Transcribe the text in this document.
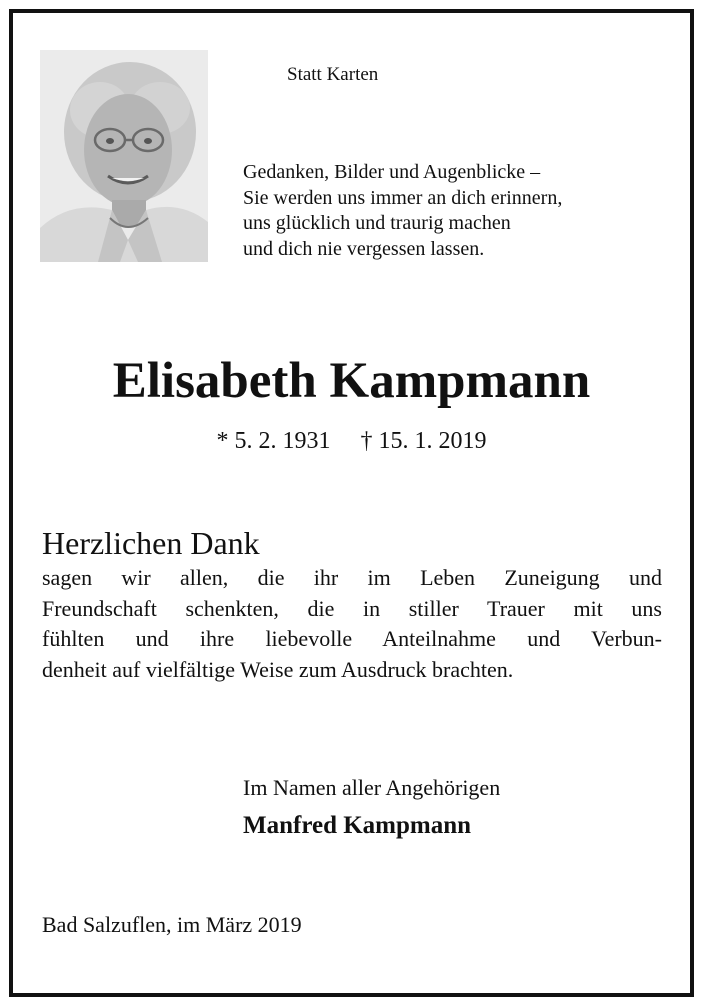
Statt Karten
Gedanken, Bilder und Augenblicke –
Sie werden uns immer an dich erinnern,
uns glücklich und traurig machen
und dich nie vergessen lassen.
Elisabeth Kampmann
* 5. 2. 1931 † 15. 1. 2019
Herzlichen Dank
sagen wir allen, die ihr im Leben Zuneigung und
Freundschaft schenkten, die in stiller Trauer mit uns
fühlten und ihre liebevolle Anteilnahme und Verbun-
denheit auf vielfältige Weise zum Ausdruck brachten.
Im Namen aller Angehörigen
Manfred Kampmann
Bad Salzuflen, im März 2019
